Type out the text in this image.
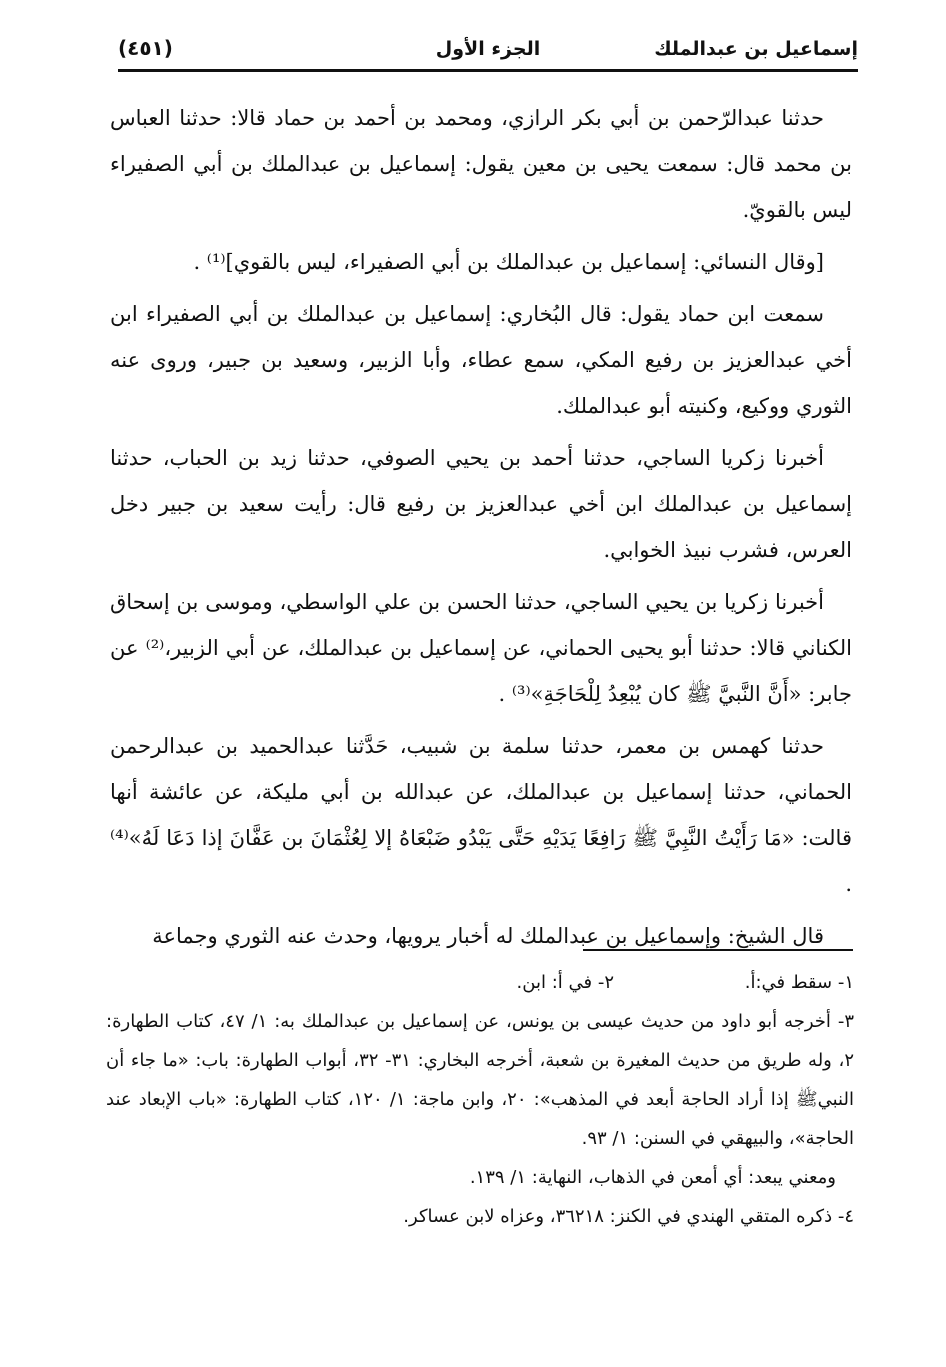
إسماعيل بن عبدالملك
الجزء الأول
(٤٥١)

حدثنا عبدالرّحمن بن أبي بكر الرازي، ومحمد بن أحمد بن حماد قالا: حدثنا العباس بن محمد قال: سمعت يحيى بن معين يقول: إسماعيل بن عبدالملك بن أبي الصفيراء ليس بالقويّ.

[وقال النسائي: إسماعيل بن عبدالملك بن أبي الصفيراء، ليس بالقوي]⁽¹⁾ .

سمعت ابن حماد يقول: قال البُخاري: إسماعيل بن عبدالملك بن أبي الصفيراء ابن أخي عبدالعزيز بن رفيع المكي، سمع عطاء، وأبا الزبير، وسعيد بن جبير، وروى عنه الثوري ووكيع، وكنيته أبو عبدالملك.

أخبرنا زكريا الساجي، حدثنا أحمد بن يحيي الصوفي، حدثنا زيد بن الحباب، حدثنا إسماعيل بن عبدالملك ابن أخي عبدالعزيز بن رفيع قال: رأيت سعيد بن جبير دخل العرس، فشرب نبيذ الخوابي.

أخبرنا زكريا بن يحيي الساجي، حدثنا الحسن بن علي الواسطي، وموسى بن إسحاق الكناني قالا: حدثنا أبو يحيى الحماني، عن إسماعيل بن عبدالملك، عن أبي الزبير،⁽²⁾ عن جابر: «أَنَّ النَّبيَّ ﷺ كان يُبْعِدُ لِلْحَاجَةِ»⁽³⁾ .

حدثنا كهمس بن معمر، حدثنا سلمة بن شبيب، حَدَّثنا عبدالحميد بن عبدالرحمن الحماني، حدثنا إسماعيل بن عبدالملك، عن عبدالله بن أبي مليكة، عن عائشة أنها قالت: «مَا رَأَيْتُ النَّبِيَّ ﷺ رَافِعًا يَدَيْهِ حَتَّى يَبْدُو ضَبْعَاهُ إلا لِعُثْمَانَ بن عَفَّانَ إذا دَعَا لَهُ»⁽⁴⁾ .

قال الشيخ: وإسماعيل بن عبدالملك له أخبار يرويها، وحدث عنه الثوري وجماعة

١- سقط في:أ.
٢- في أ: ابن.

٣- أخرجه أبو داود من حديث عيسى بن يونس، عن إسماعيل بن عبدالملك به: ١/ ٤٧، كتاب الطهارة: ٢، وله طريق من حديث المغيرة بن شعبة، أخرجه البخاري: ٣١- ٣٢، أبواب الطهارة: باب: «ما جاء أن النبيﷺ إذا أراد الحاجة أبعد في المذهب»: ٢٠، وابن ماجة: ١/ ١٢٠، كتاب الطهارة: «باب الإبعاد عند الحاجة»، والبيهقي في السنن: ١/ ٩٣.

ومعني يبعد: أي أمعن في الذهاب، النهاية: ١/ ١٣٩.

٤- ذكره المتقي الهندي في الكنز: ٣٦٢١٨، وعزاه لابن عساكر.
